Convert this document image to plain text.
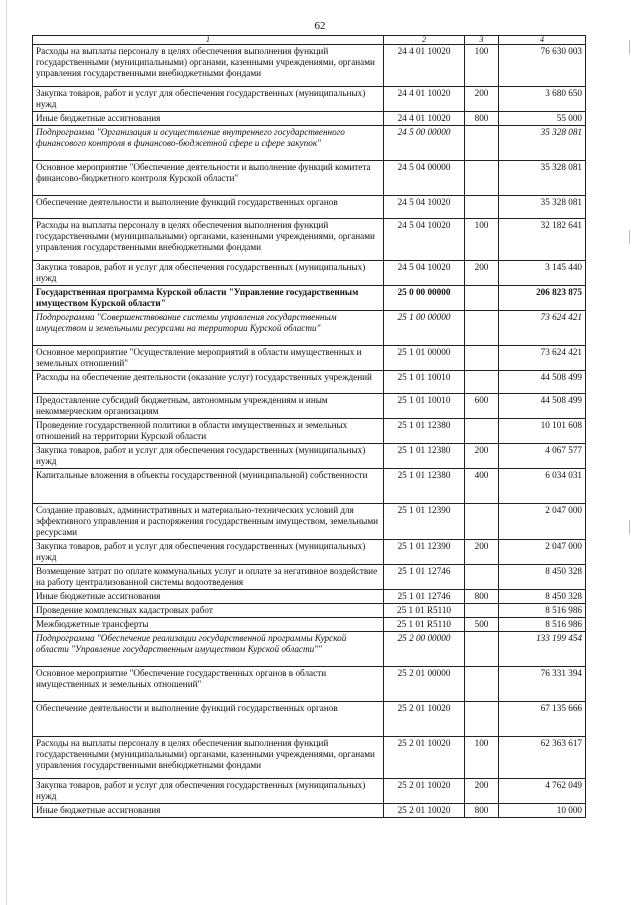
62
1	2	3	4
Расходы на выплаты персоналу в целях обеспечения выполнения функций государственными (муниципальными) органами, казенными учреждениями, органами управления государственными внебюджетными фондами	24 4 01 10020	100	76 630 003
Закупка товаров, работ и услуг для обеспечения государственных (муниципальных) нужд	24 4 01 10020	200	3 680 650
Иные бюджетные ассигнования	24 4 01 10020	800	55 000
Подпрограмма "Организация и осуществление внутреннего государственного финансового контроля в финансово-бюджетной сфере и сфере закупок"	24 5 00 00000		35 328 081
Основное мероприятие "Обеспечение деятельности и выполнение функций комитета финансово-бюджетного контроля Курской области"	24 5 04 00000		35 328 081
Обеспечение деятельности и выполнение функций государственных органов	24 5 04 10020		35 328 081
Расходы на выплаты персоналу в целях обеспечения выполнения функций государственными (муниципальными) органами, казенными учреждениями, органами управления государственными внебюджетными фондами	24 5 04 10020	100	32 182 641
Закупка товаров, работ и услуг для обеспечения государственных (муниципальных) нужд	24 5 04 10020	200	3 145 440
Государственная программа Курской области "Управление государственным имуществом Курской области"	25 0 00 00000		206 823 875
Подпрограмма "Совершенствование системы управления государственным имуществом и земельными ресурсами на территории Курской области"	25 1 00 00000		73 624 421
Основное мероприятие "Осуществление мероприятий в области имущественных и земельных отношений"	25 1 01 00000		73 624 421
Расходы на обеспечение деятельности (оказание услуг) государственных учреждений	25 1 01 10010		44 508 499
Предоставление субсидий бюджетным, автономным учреждениям и иным некоммерческим организациям	25 1 01 10010	600	44 508 499
Проведение государственной политики в области имущественных и земельных отношений на территории Курской области	25 1 01 12380		10 101 608
Закупка товаров, работ и услуг для обеспечения государственных (муниципальных) нужд	25 1 01 12380	200	4 067 577
Капитальные вложения в объекты государственной (муниципальной) собственности	25 1 01 12380	400	6 034 031
Создание правовых, административных и материально-технических условий для эффективного управления и распоряжения государственным имуществом, земельными ресурсами	25 1 01 12390		2 047 000
Закупка товаров, работ и услуг для обеспечения государственных (муниципальных) нужд	25 1 01 12390	200	2 047 000
Возмещение затрат по оплате коммунальных услуг и оплате за негативное воздействие на работу централизованной системы водоотведения	25 1 01 12746		8 450 328
Иные бюджетные ассигнования	25 1 01 12746	800	8 450 328
Проведение комплексных кадастровых работ	25 1 01 R5110		8 516 986
Межбюджетные трансферты	25 1 01 R5110	500	8 516 986
Подпрограмма "Обеспечение реализации государственной программы Курской области "Управление государственным имуществом Курской области""	25 2 00 00000		133 199 454
Основное мероприятие "Обеспечение государственных органов в области имущественных и земельных отношений"	25 2 01 00000		76 331 394
Обеспечение деятельности и выполнение функций государственных органов	25 2 01 10020		67 135 666
Расходы на выплаты персоналу в целях обеспечения выполнения функций государственными (муниципальными) органами, казенными учреждениями, органами управления государственными внебюджетными фондами	25 2 01 10020	100	62 363 617
Закупка товаров, работ и услуг для обеспечения государственных (муниципальных) нужд	25 2 01 10020	200	4 762 049
Иные бюджетные ассигнования	25 2 01 10020	800	10 000
